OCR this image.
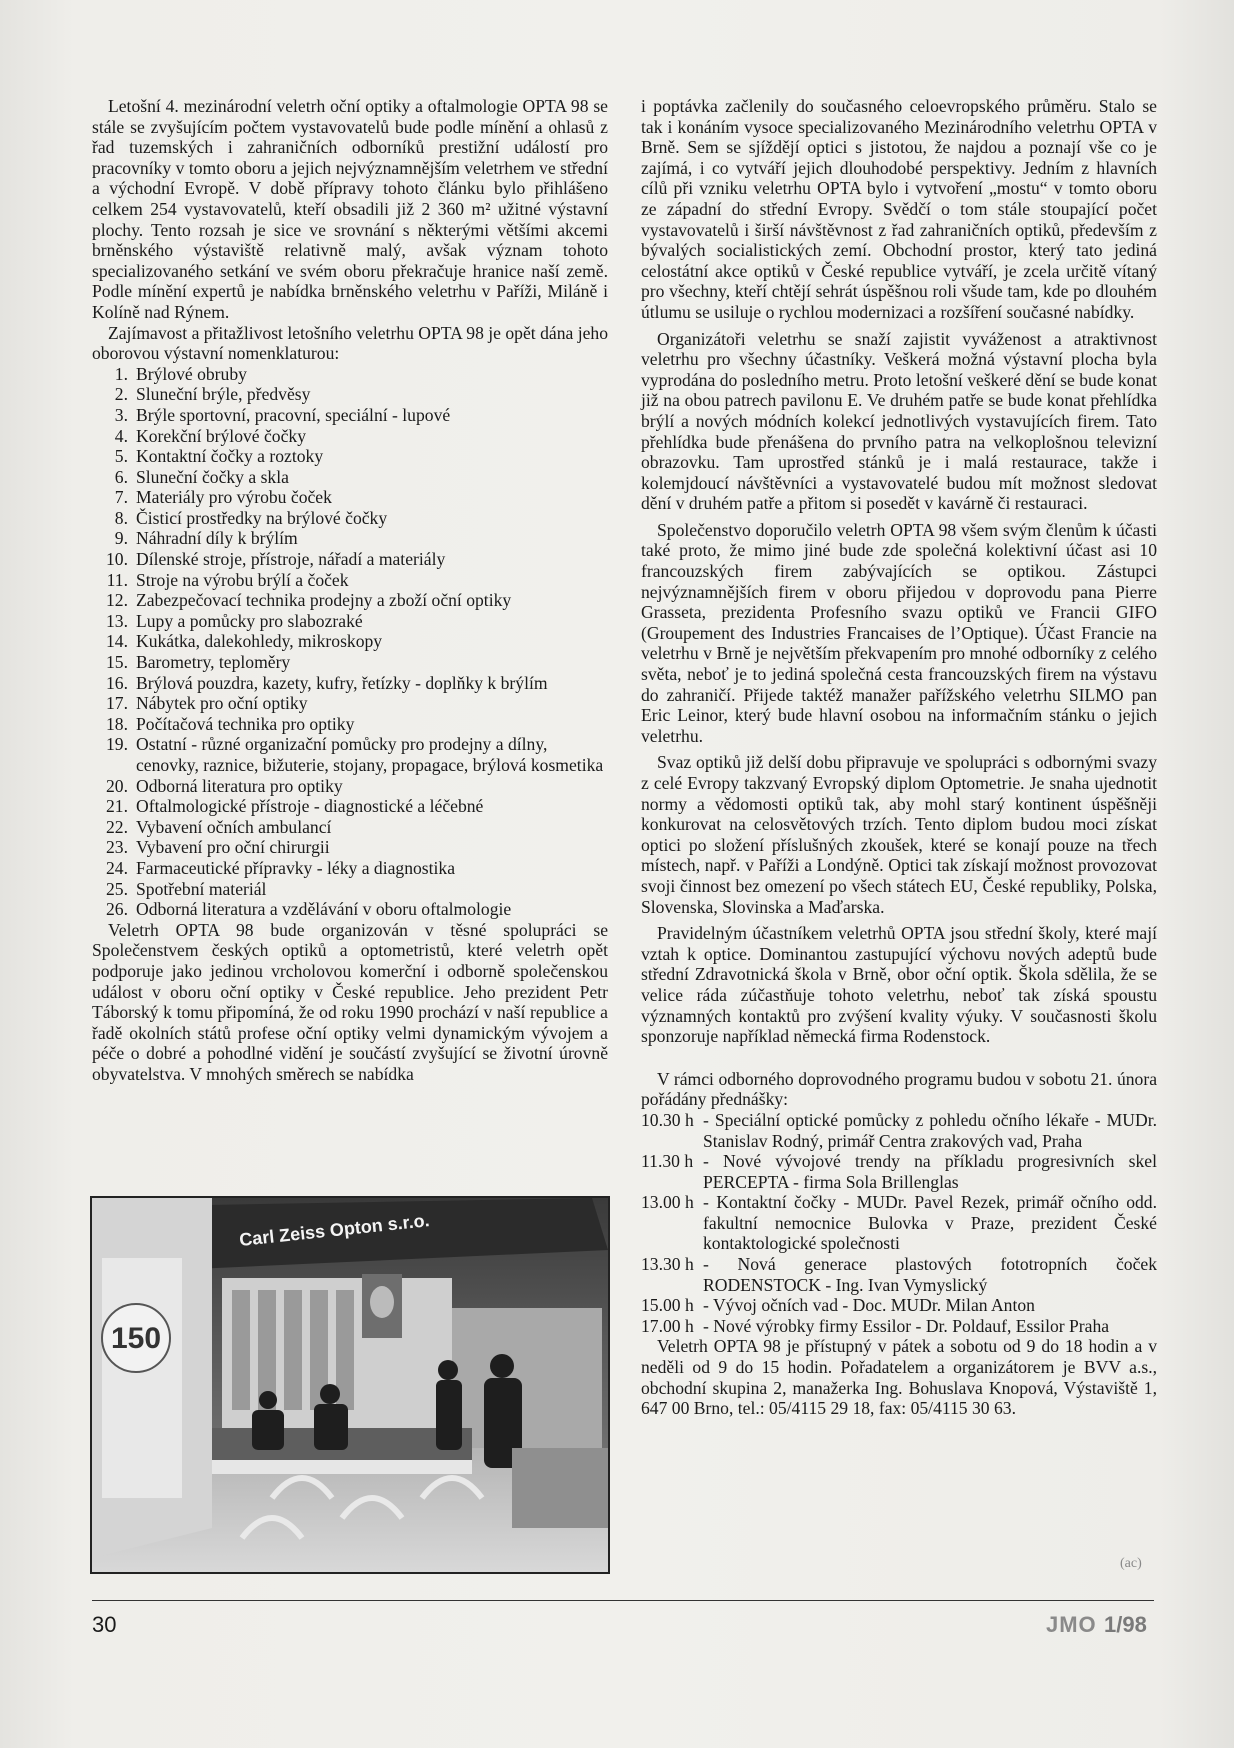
Letošní 4. mezinárodní veletrh oční optiky a oftalmologie OPTA 98 se stále se zvyšujícím počtem vystavovatelů bude podle mínění a ohlasů z řad tuzemských i zahraničních odborníků prestižní událostí pro pracovníky v tomto oboru a jejich nejvýznamnějším veletrhem ve střední a východní Evropě. V době přípravy tohoto článku bylo přihlášeno celkem 254 vystavovatelů, kteří obsadili již 2 360 m² užitné výstavní plochy. Tento rozsah je sice ve srovnání s některými většími akcemi brněnského výstaviště relativně malý, avšak význam tohoto specializovaného setkání ve svém oboru překračuje hranice naší země. Podle mínění expertů je nabídka brněnského veletrhu v Paříži, Miláně i Kolíně nad Rýnem.

Zajímavost a přitažlivost letošního veletrhu OPTA 98 je opět dána jeho oborovou výstavní nomenklaturou:

1. Brýlové obruby
2. Sluneční brýle, předvěsy
3. Brýle sportovní, pracovní, speciální - lupové
4. Korekční brýlové čočky
5. Kontaktní čočky a roztoky
6. Sluneční čočky a skla
7. Materiály pro výrobu čoček
8. Čisticí prostředky na brýlové čočky
9. Náhradní díly k brýlím
10. Dílenské stroje, přístroje, nářadí a materiály
11. Stroje na výrobu brýlí a čoček
12. Zabezpečovací technika prodejny a zboží oční optiky
13. Lupy a pomůcky pro slabozraké
14. Kukátka, dalekohledy, mikroskopy
15. Barometry, teploměry
16. Brýlová pouzdra, kazety, kufry, řetízky - doplňky k brýlím
17. Nábytek pro oční optiky
18. Počítačová technika pro optiky
19. Ostatní - různé organizační pomůcky pro prodejny a dílny, cenovky, raznice, bižuterie, stojany, propagace, brýlová kosmetika
20. Odborná literatura pro optiky
21. Oftalmologické přístroje - diagnostické a léčebné
22. Vybavení očních ambulancí
23. Vybavení pro oční chirurgii
24. Farmaceutické přípravky - léky a diagnostika
25. Spotřební materiál
26. Odborná literatura a vzdělávání v oboru oftalmologie

Veletrh OPTA 98 bude organizován v těsné spolupráci se Společenstvem českých optiků a optometristů, které veletrh opět podporuje jako jedinou vrcholovou komerční i odborně společenskou událost v oboru oční optiky v České republice. Jeho prezident Petr Táborský k tomu připomíná, že od roku 1990 prochází v naší republice a řadě okolních států profese oční optiky velmi dynamickým vývojem a péče o dobré a pohodlné vidění je součástí zvyšující se životní úrovně obyvatelstva. V mnohých směrech se nabídka

150
Carl Zeiss Opton s.r.o.

i poptávka začlenily do současného celoevropského průměru. Stalo se tak i konáním vysoce specializovaného Mezinárodního veletrhu OPTA v Brně. Sem se sjíždějí optici s jistotou, že najdou a poznají vše co je zajímá, i co vytváří jejich dlouhodobé perspektivy. Jedním z hlavních cílů při vzniku veletrhu OPTA bylo i vytvoření „mostu“ v tomto oboru ze západní do střední Evropy. Svědčí o tom stále stoupající počet vystavovatelů i širší návštěvnost z řad zahraničních optiků, především z bývalých socialistických zemí. Obchodní prostor, který tato jediná celostátní akce optiků v České republice vytváří, je zcela určitě vítaný pro všechny, kteří chtějí sehrát úspěšnou roli všude tam, kde po dlouhém útlumu se usiluje o rychlou modernizaci a rozšíření současné nabídky.

Organizátoři veletrhu se snaží zajistit vyváženost a atraktivnost veletrhu pro všechny účastníky. Veškerá možná výstavní plocha byla vyprodána do posledního metru. Proto letošní veškeré dění se bude konat již na obou patrech pavilonu E. Ve druhém patře se bude konat přehlídka brýlí a nových módních kolekcí jednotlivých vystavujících firem. Tato přehlídka bude přenášena do prvního patra na velkoplošnou televizní obrazovku. Tam uprostřed stánků je i malá restaurace, takže i kolemjdoucí návštěvníci a vystavovatelé budou mít možnost sledovat dění v druhém patře a přitom si posedět v kavárně či restauraci.

Společenstvo doporučilo veletrh OPTA 98 všem svým členům k účasti také proto, že mimo jiné bude zde společná kolektivní účast asi 10 francouzských firem zabývajících se optikou. Zástupci nejvýznamnějších firem v oboru přijedou v doprovodu pana Pierre Grasseta, prezidenta Profesního svazu optiků ve Francii GIFO (Groupement des Industries Francaises de l’Optique). Účast Francie na veletrhu v Brně je největším překvapením pro mnohé odborníky z celého světa, neboť je to jediná společná cesta francouzských firem na výstavu do zahraničí. Přijede taktéž manažer pařížského veletrhu SILMO pan Eric Leinor, který bude hlavní osobou na informačním stánku o jejich veletrhu.

Svaz optiků již delší dobu připravuje ve spolupráci s odbornými svazy z celé Evropy takzvaný Evropský diplom Optometrie. Je snaha ujednotit normy a vědomosti optiků tak, aby mohl starý kontinent úspěšněji konkurovat na celosvětových trzích. Tento diplom budou moci získat optici po složení příslušných zkoušek, které se konají pouze na třech místech, např. v Paříži a Londýně. Optici tak získají možnost provozovat svoji činnost bez omezení po všech státech EU, České republiky, Polska, Slovenska, Slovinska a Maďarska.

Pravidelným účastníkem veletrhů OPTA jsou střední školy, které mají vztah k optice. Dominantou zastupující výchovu nových adeptů bude střední Zdravotnická škola v Brně, obor oční optik. Škola sdělila, že se velice ráda zúčastňuje tohoto veletrhu, neboť tak získá spoustu významných kontaktů pro zvýšení kvality výuky. V současnosti školu sponzoruje například německá firma Rodenstock.

V rámci odborného doprovodného programu budou v sobotu 21. února pořádány přednášky:

10.30 h - Speciální optické pomůcky z pohledu očního lékaře - MUDr. Stanislav Rodný, primář Centra zrakových vad, Praha
11.30 h - Nové vývojové trendy na příkladu progresivních skel PERCEPTA - firma Sola Brillenglas
13.00 h - Kontaktní čočky - MUDr. Pavel Rezek, primář očního odd. fakultní nemocnice Bulovka v Praze, prezident České kontaktologické společnosti
13.30 h - Nová generace plastových fototropních čoček RODENSTOCK - Ing. Ivan Vymyslický
15.00 h - Vývoj očních vad - Doc. MUDr. Milan Anton
17.00 h - Nové výrobky firmy Essilor - Dr. Poldauf, Essilor Praha

Veletrh OPTA 98 je přístupný v pátek a sobotu od 9 do 18 hodin a v neděli od 9 do 15 hodin. Pořadatelem a organizátorem je BVV a.s., obchodní skupina 2, manažerka Ing. Bohuslava Knopová, Výstaviště 1, 647 00 Brno, tel.: 05/4115 29 18, fax: 05/4115 30 63.

(ac)
30	JMO 1/98
